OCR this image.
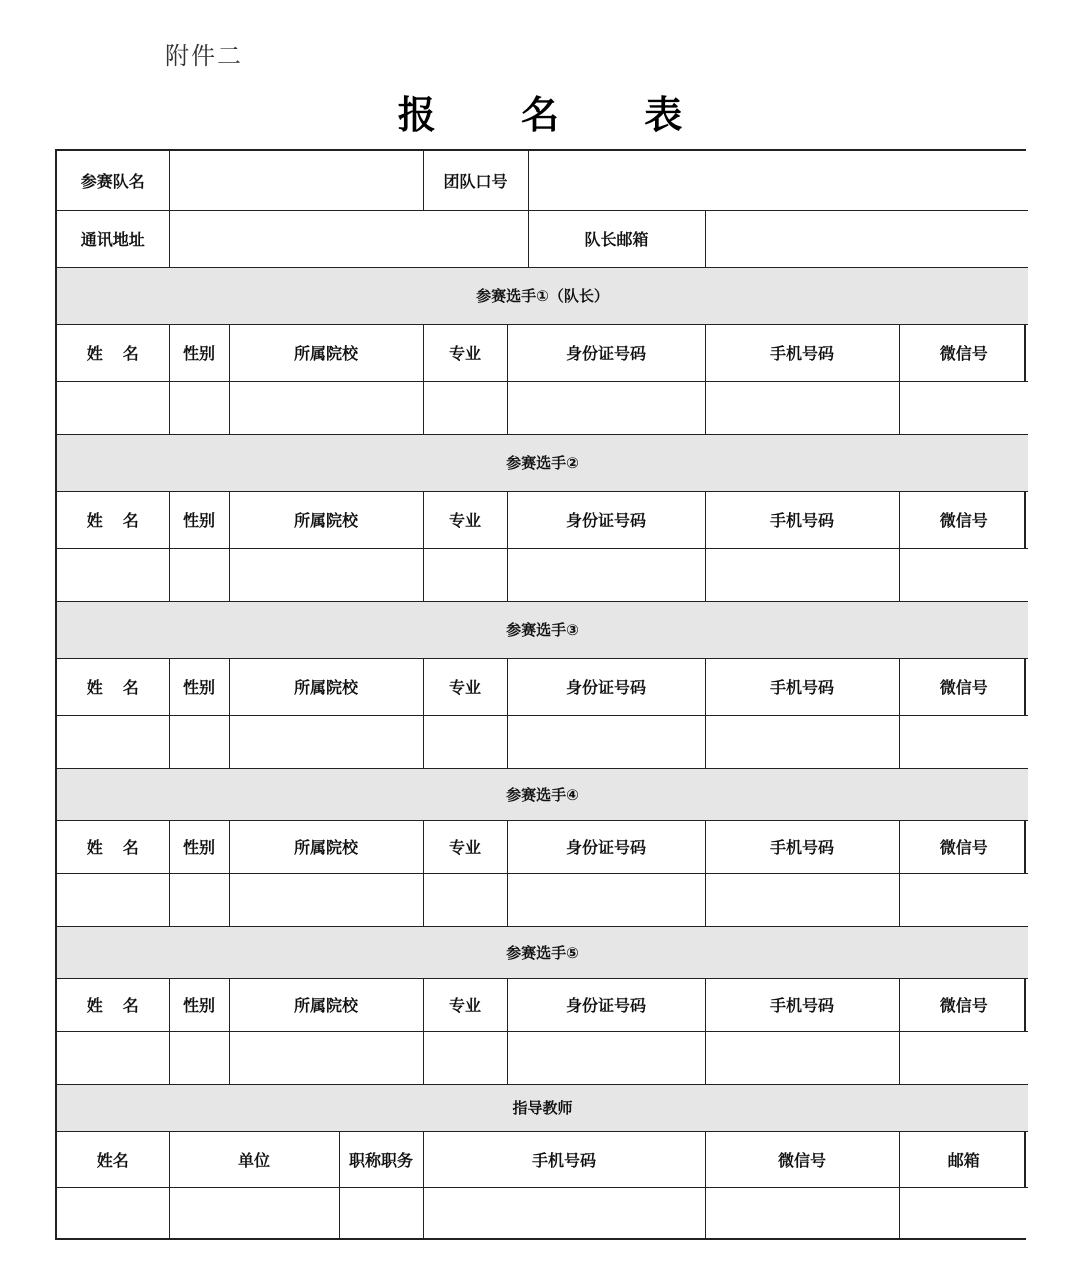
附件二
报 名 表
参赛队名				团队口号				
通讯地址						队长邮箱		
参赛选手①（队长）								
姓 名	性别	所属院校		专业	身份证号码		手机号码	微信号

参赛选手②								
姓 名	性别	所属院校		专业	身份证号码		手机号码	微信号

参赛选手③								
姓 名	性别	所属院校		专业	身份证号码		手机号码	微信号

参赛选手④								
姓 名	性别	所属院校		专业	身份证号码		手机号码	微信号

参赛选手⑤								
姓 名	性别	所属院校		专业	身份证号码		手机号码	微信号

指导教师								
姓名	单位		职称职务	手机号码			微信号	邮箱
